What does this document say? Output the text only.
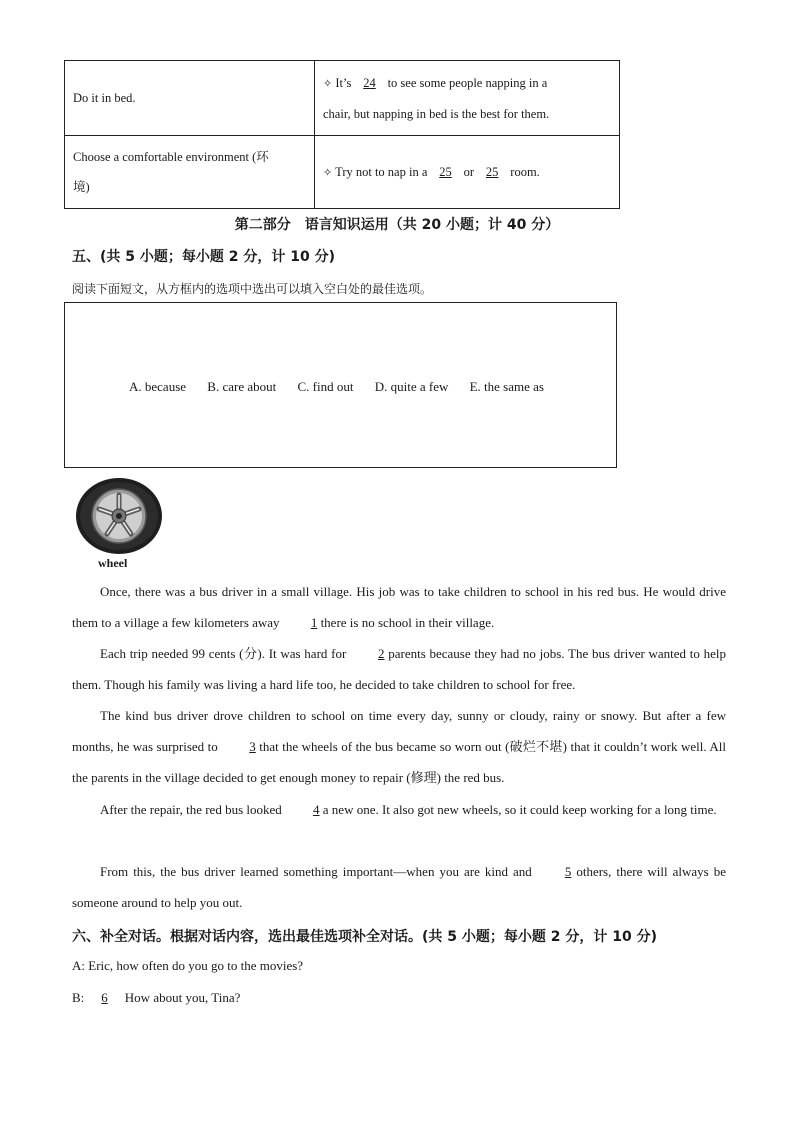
Do it in bed.	✧ It’s 24 to see some people napping in a
chair, but napping in bed is the best for them.

Choose a comfortable environment (环
境)	✧ Try not to nap in a 25 or 25 room.
第二部分　语言知识运用（共 20 小题；计 40 分）
五、(共 5 小题；每小题 2 分，计 10 分)
阅读下面短文，从方框内的选项中选出可以填入空白处的最佳选项。
A. because B. care about C. find out D. quite a few E. the same as
wheel
Once, there was a bus driver in a small village. His job was to take children to school in his red bus. He would drive them to a village a few kilometers away 1 there is no school in their village.
Each trip needed 99 cents (分). It was hard for 2 parents because they had no jobs. The bus driver wanted to help them. Though his family was living a hard life too, he decided to take children to school for free.
The kind bus driver drove children to school on time every day, sunny or cloudy, rainy or snowy. But after a few months, he was surprised to 3 that the wheels of the bus became so worn out (破烂不堪) that it couldn’t work well. All the parents in the village decided to get enough money to repair (修理) the red bus.
After the repair, the red bus looked 4 a new one. It also got new wheels, so it could keep working for a long time.
From this, the bus driver learned something important—when you are kind and	5 others, there will always be someone around to help you out.
六、补全对话。根据对话内容，选出最佳选项补全对话。(共 5 小题；每小题 2 分，计 10 分)
A: Eric, how often do you go to the movies?
B: 6 How about you, Tina?
